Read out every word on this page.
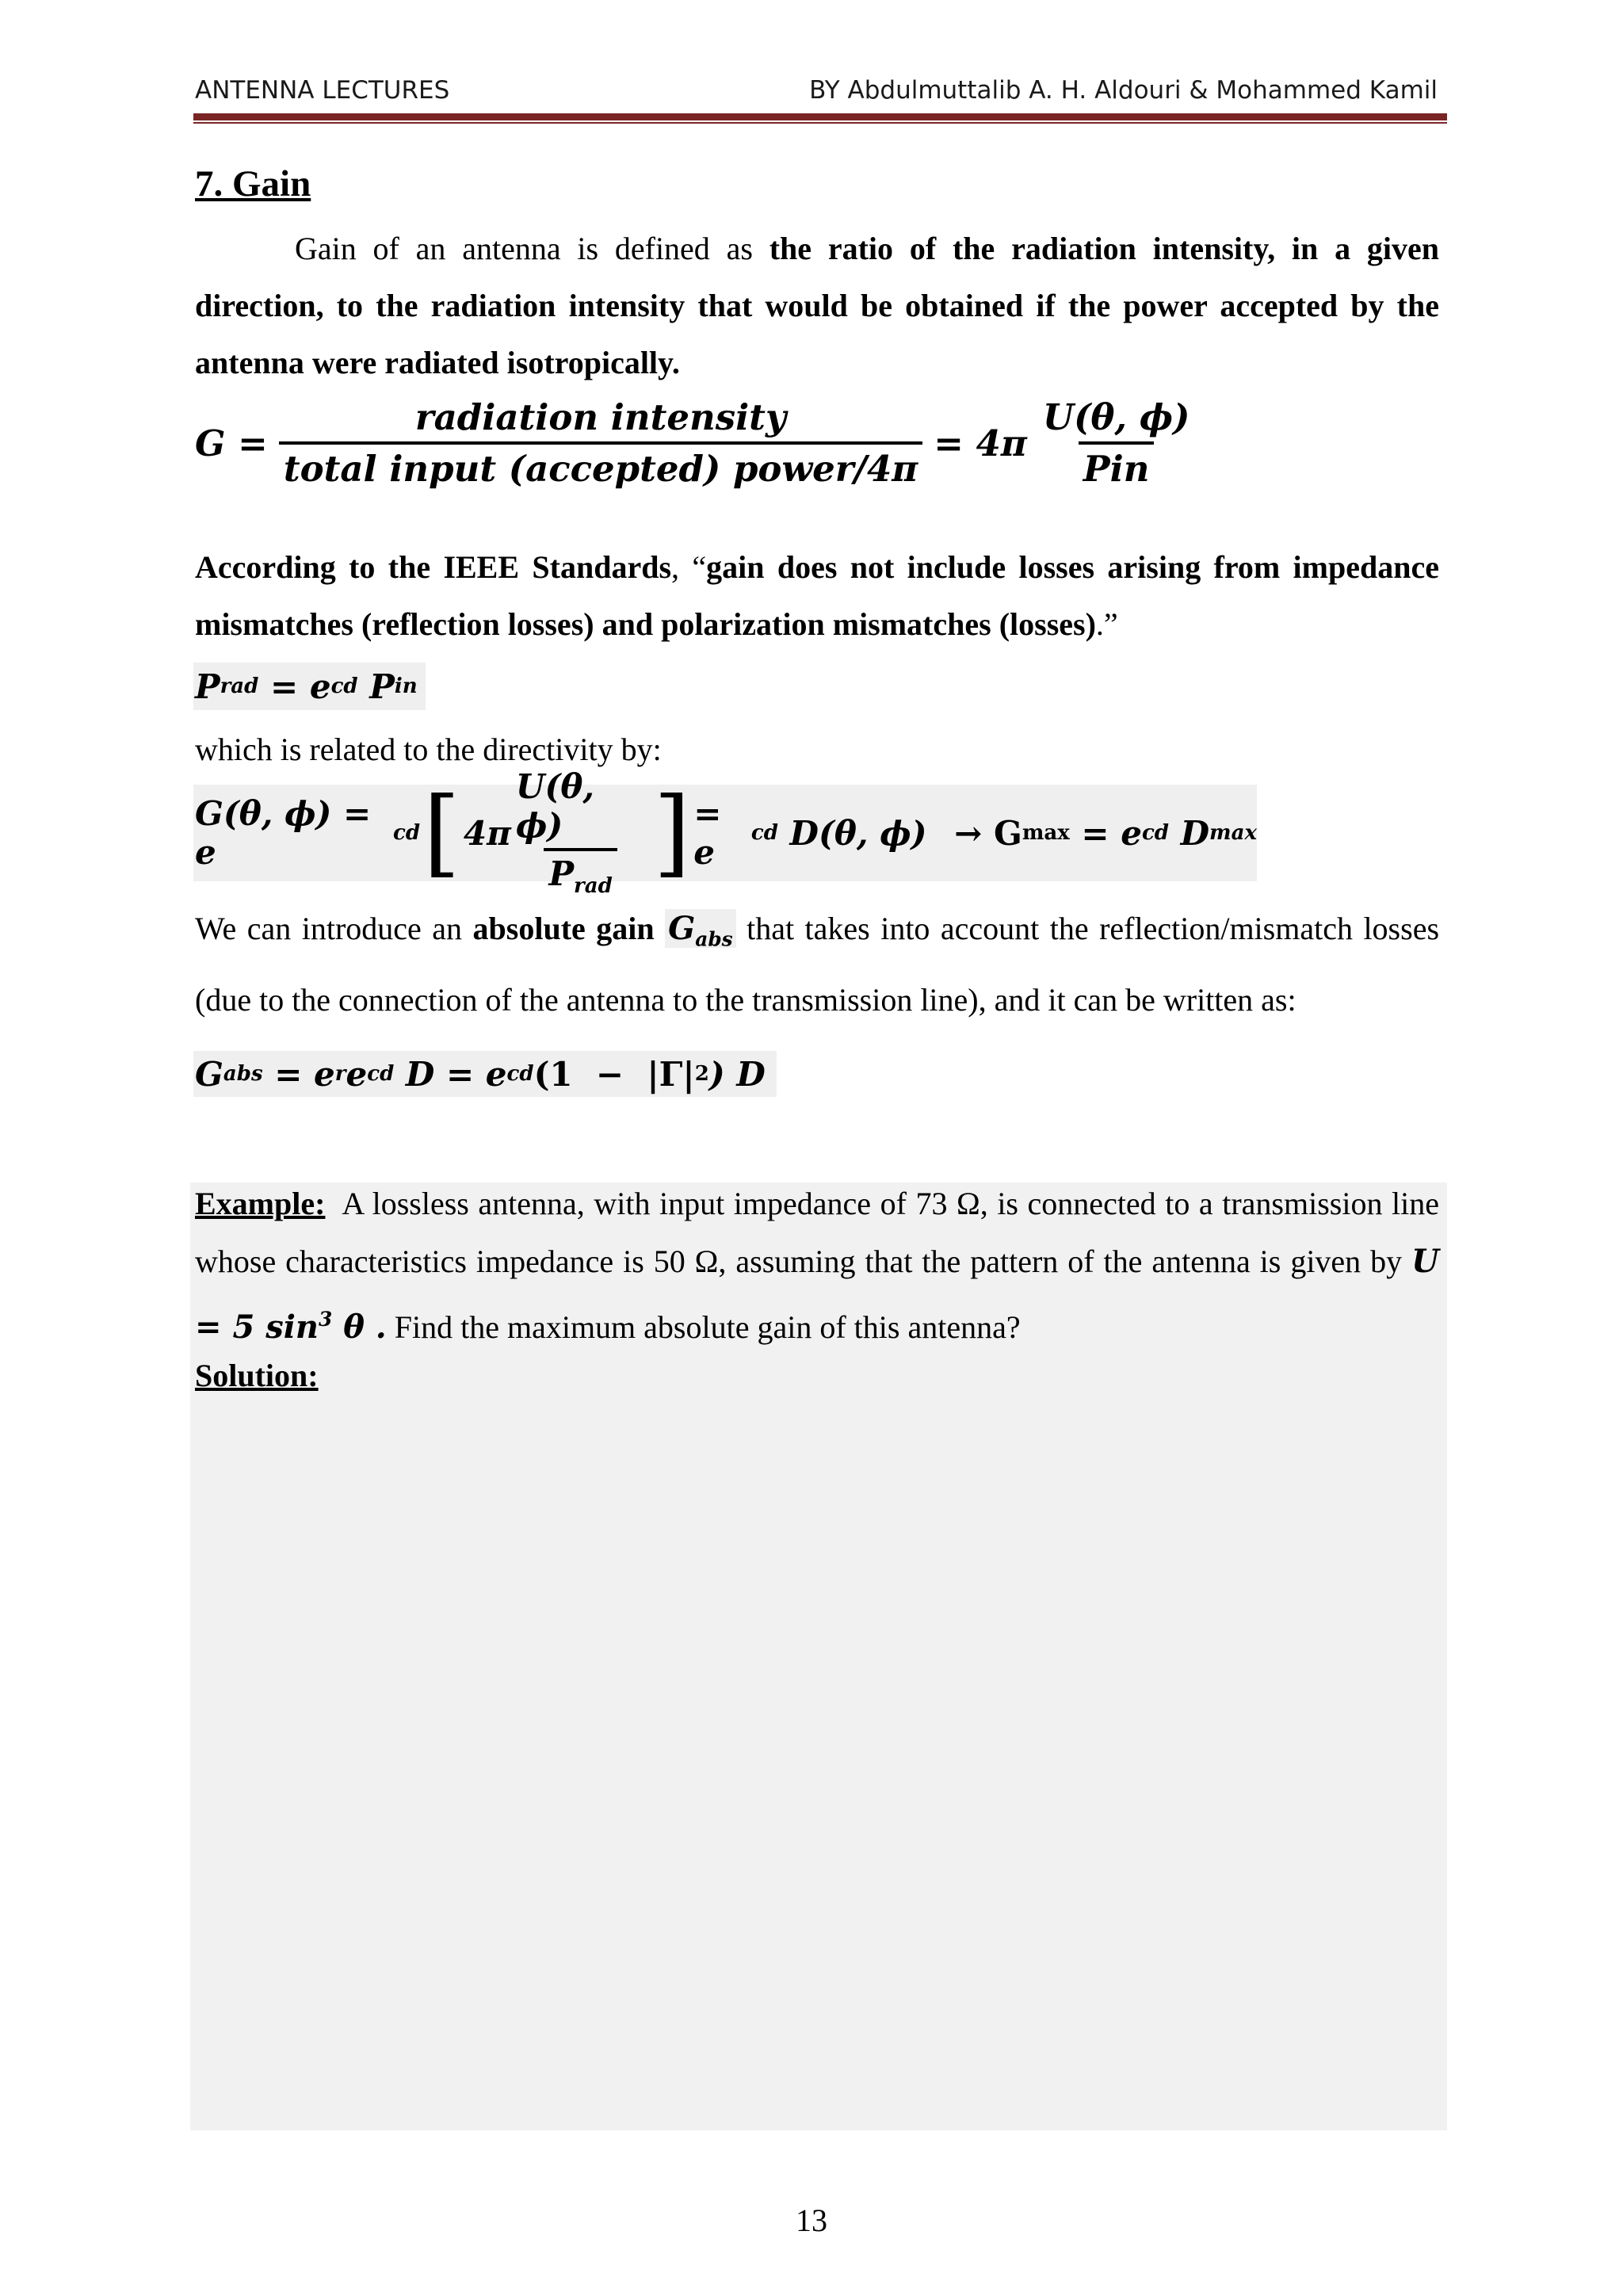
ANTENNA LECTURES	BY Abdulmuttalib A. H. Aldouri & Mohammed Kamil
7. Gain
Gain of an antenna is defined as the ratio of the radiation intensity, in a given direction, to the radiation intensity that would be obtained if the power accepted by the antenna were radiated isotropically.
$G = \frac{\text{radiation intensity}}{\text{total input (accepted) power/4π}} = 4\pi \frac{U(\theta, \phi)}{\text{Pin}}$
According to the IEEE Standards, “gain does not include losses arising from impedance mismatches (reflection losses) and polarization mismatches (losses).”
P rad = e cd P in
which is related to the directivity by:
G(θ, ϕ) = e	cd [ $4\pi \frac{U(\theta, \phi)}{P_{rad}}$ ] = e	cd D(θ, ϕ) → G max = e cd D max
We can introduce an absolute gain $G_{abs}$ that takes into account the reflection/mismatch losses (due to the connection of the antenna to the transmission line), and it can be written as:
G abs = e r e cd D = e cd (1  −  |Γ| 2 ) D
Example:  A lossless antenna, with input impedance of 73 Ω, is connected to a transmission line whose characteristics impedance is 50 Ω, assuming that the pattern of the antenna is given by U = 5 $\sin^3 \theta$ . Find the maximum absolute gain of this antenna?
Solution:
13
